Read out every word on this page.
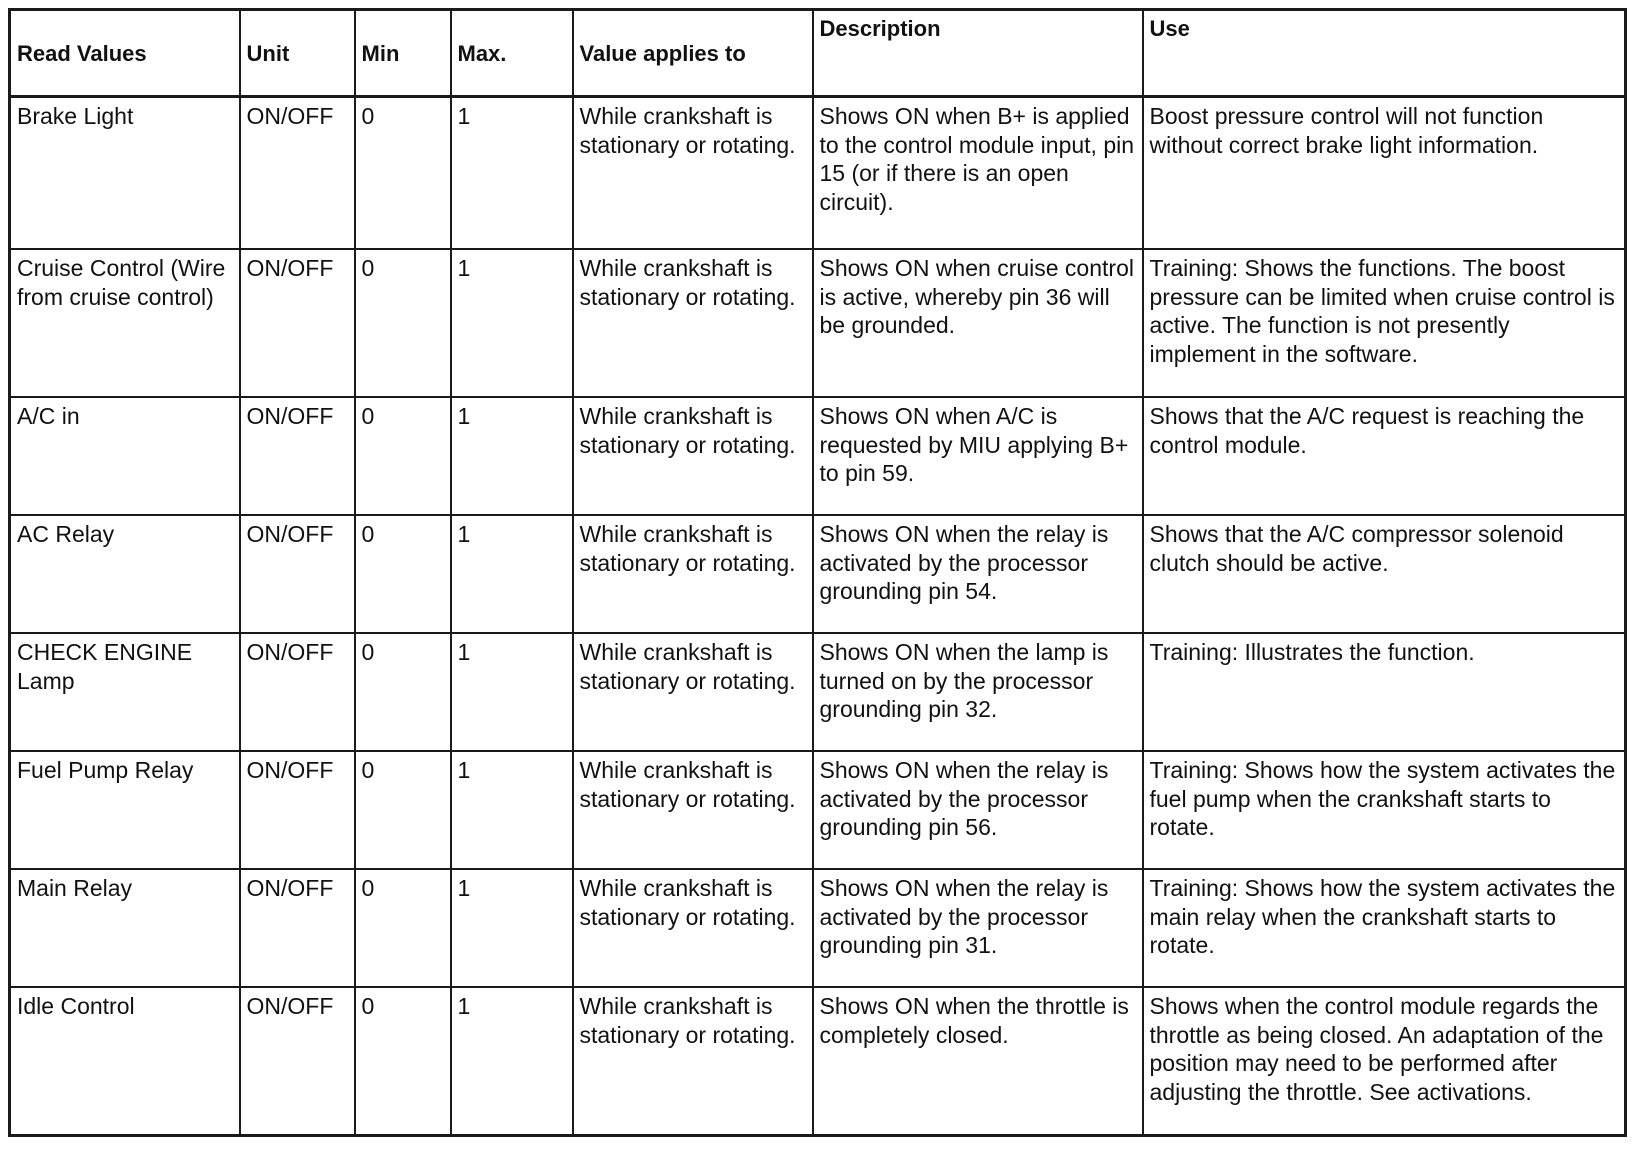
Read Values	Unit	Min	Max.	Value applies to	Description	Use
Brake Light	ON/OFF	0	1	While crankshaft is stationary or rotating.	Shows ON when B+ is applied to the control module input, pin 15 (or if there is an open circuit).	Boost pressure control will not function without correct brake light information.
Cruise Control (Wire from cruise control)	ON/OFF	0	1	While crankshaft is stationary or rotating.	Shows ON when cruise control is active, whereby pin 36 will be grounded.	Training: Shows the functions. The boost pressure can be limited when cruise control is active. The function is not presently implement in the software.
A/C in	ON/OFF	0	1	While crankshaft is stationary or rotating.	Shows ON when A/C is requested by MIU applying B+ to pin 59.	Shows that the A/C request is reaching the control module.
AC Relay	ON/OFF	0	1	While crankshaft is stationary or rotating.	Shows ON when the relay is activated by the processor grounding pin 54.	Shows that the A/C compressor solenoid clutch should be active.
CHECK ENGINE Lamp	ON/OFF	0	1	While crankshaft is stationary or rotating.	Shows ON when the lamp is turned on by the processor grounding pin 32.	Training: Illustrates the function.
Fuel Pump Relay	ON/OFF	0	1	While crankshaft is stationary or rotating.	Shows ON when the relay is activated by the processor grounding pin 56.	Training: Shows how the system activates the fuel pump when the crankshaft starts to rotate.
Main Relay	ON/OFF	0	1	While crankshaft is stationary or rotating.	Shows ON when the relay is activated by the processor grounding pin 31.	Training: Shows how the system activates the main relay when the crankshaft starts to rotate.
Idle Control	ON/OFF	0	1	While crankshaft is stationary or rotating.	Shows ON when the throttle is completely closed.	Shows when the control module regards the throttle as being closed. An adaptation of the position may need to be performed after adjusting the throttle. See activations.
